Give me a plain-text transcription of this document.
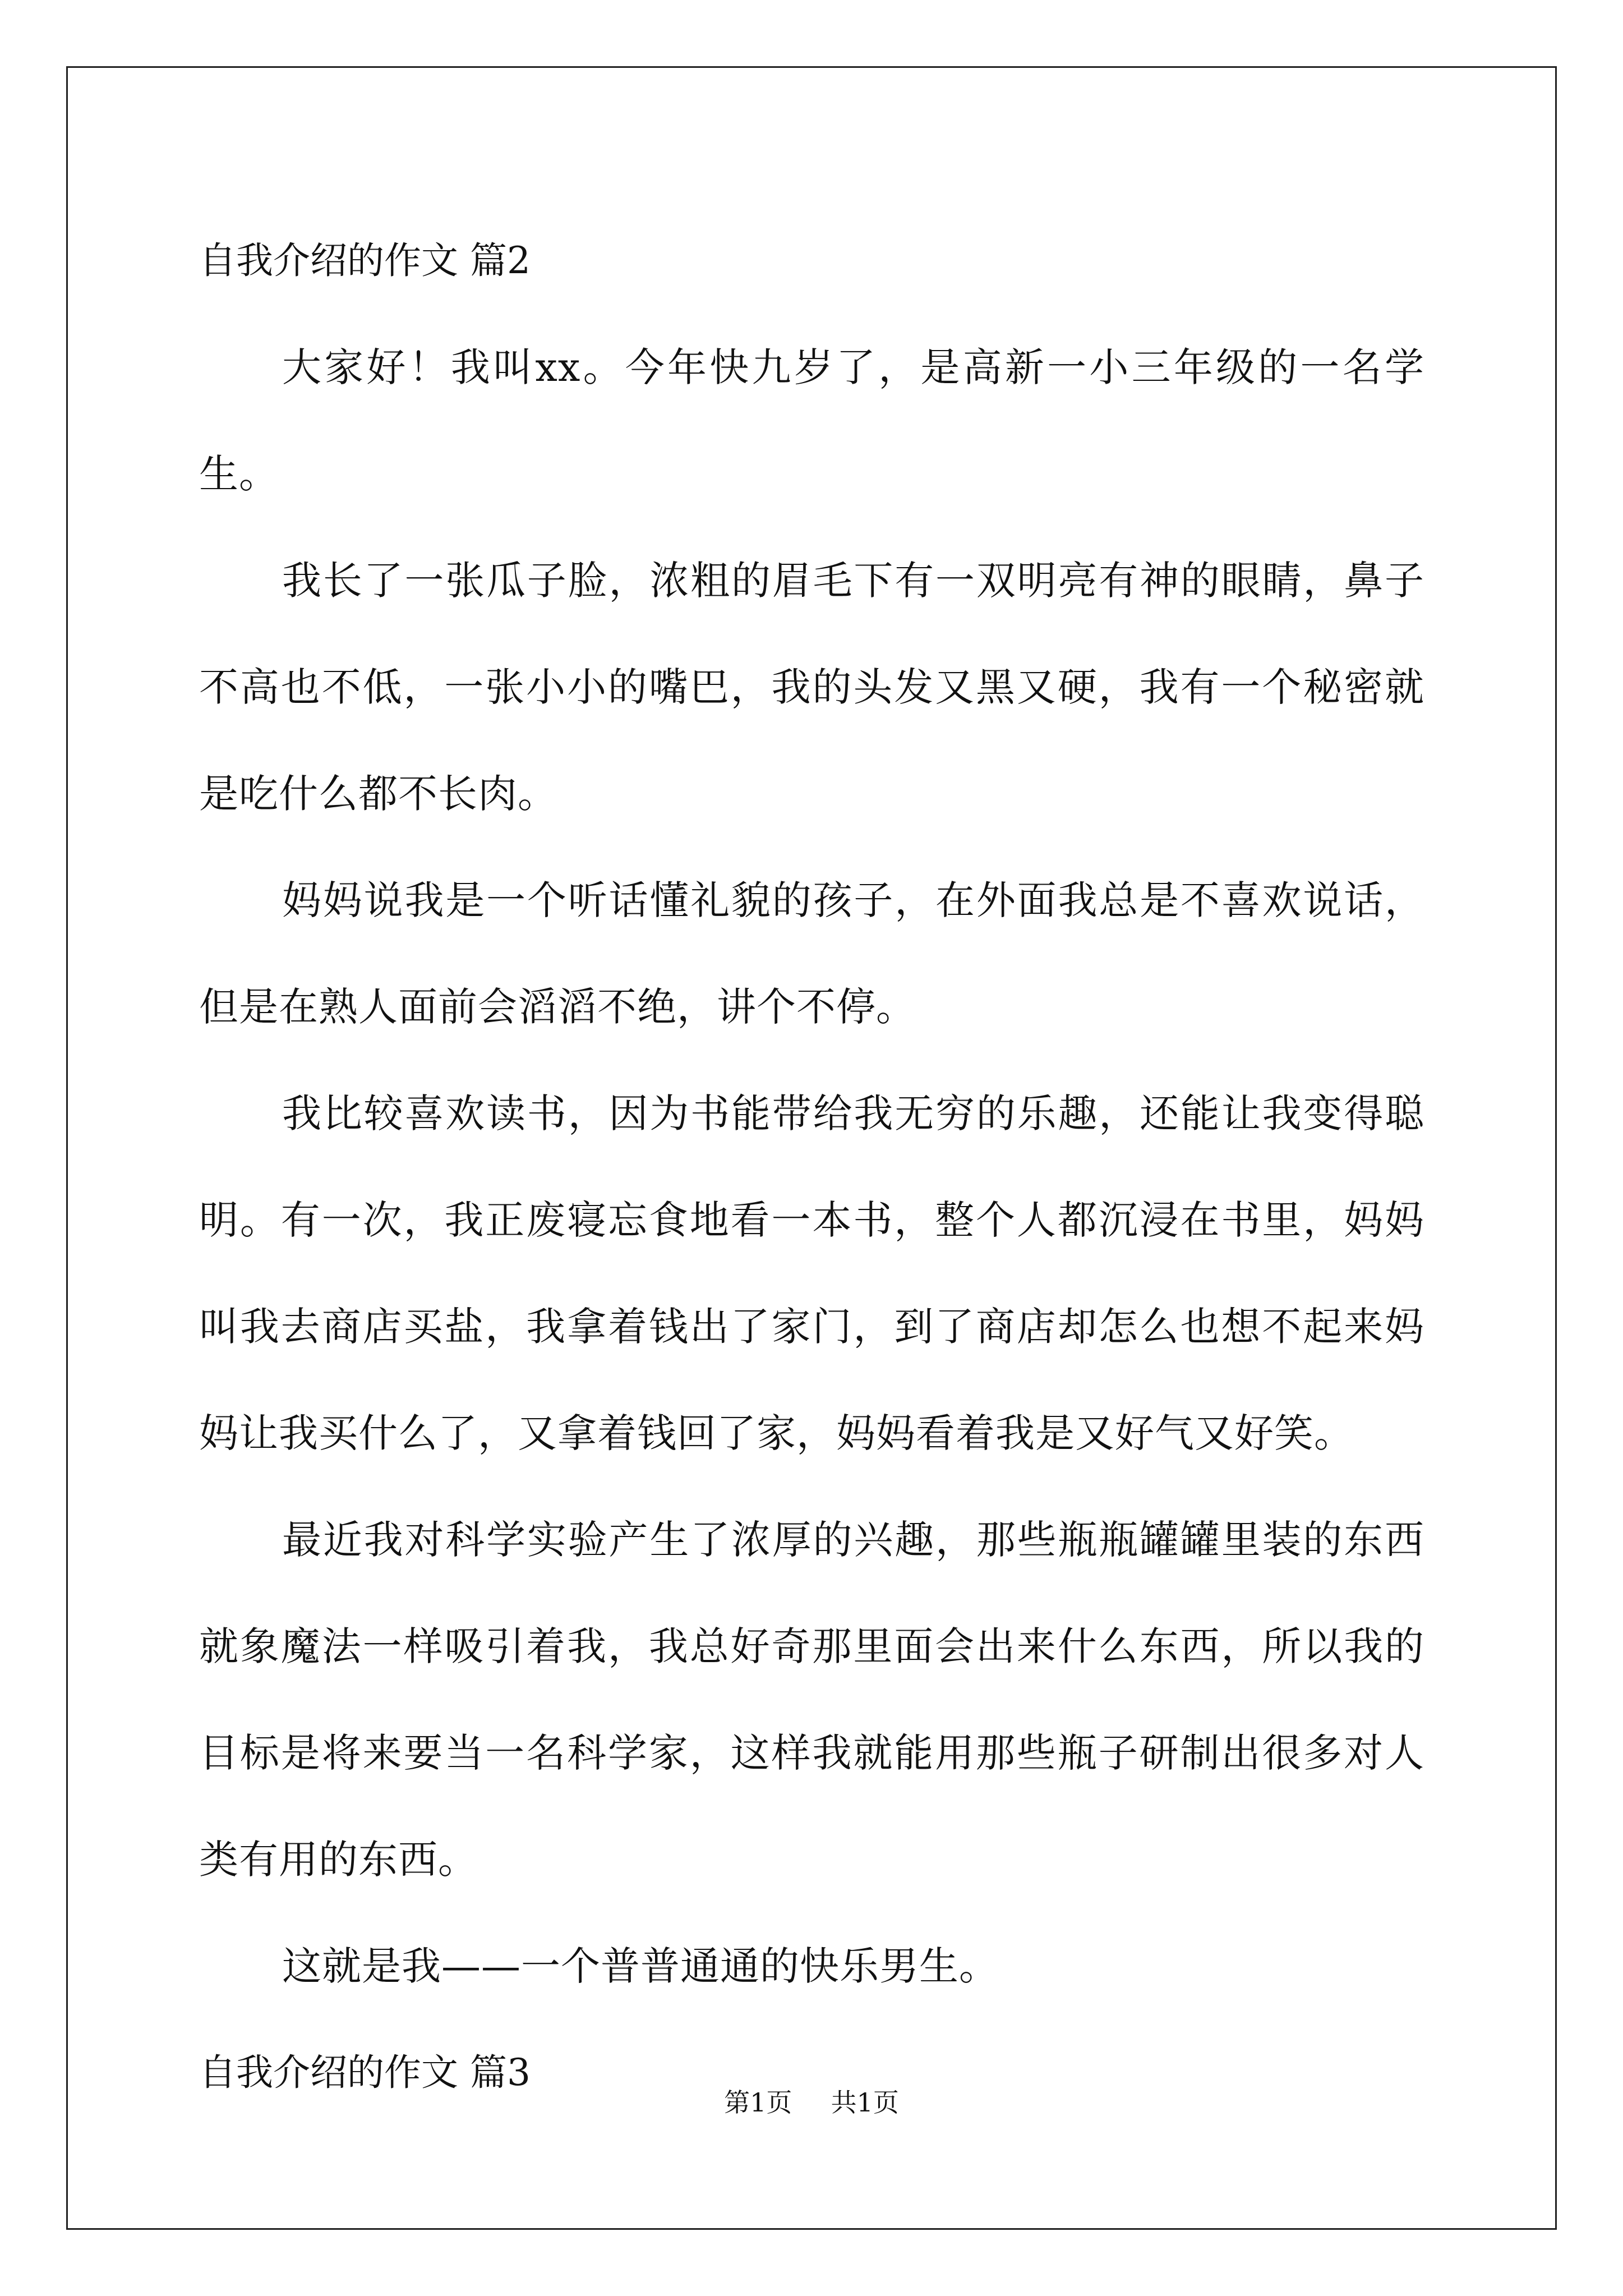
自我介绍的作文 篇2

大家好！我叫xx。今年快九岁了，是高新一小三年级的一名学生。

我长了一张瓜子脸，浓粗的眉毛下有一双明亮有神的眼睛，鼻子不高也不低，一张小小的嘴巴，我的头发又黑又硬，我有一个秘密就是吃什么都不长肉。

妈妈说我是一个听话懂礼貌的孩子，在外面我总是不喜欢说话，但是在熟人面前会滔滔不绝，讲个不停。

我比较喜欢读书，因为书能带给我无穷的乐趣，还能让我变得聪明。有一次，我正废寝忘食地看一本书，整个人都沉浸在书里，妈妈叫我去商店买盐，我拿着钱出了家门，到了商店却怎么也想不起来妈妈让我买什么了，又拿着钱回了家，妈妈看着我是又好气又好笑。

最近我对科学实验产生了浓厚的兴趣，那些瓶瓶罐罐里装的东西就象魔法一样吸引着我，我总好奇那里面会出来什么东西，所以我的目标是将来要当一名科学家，这样我就能用那些瓶子研制出很多对人类有用的东西。

这就是我——一个普普通通的快乐男生。

自我介绍的作文 篇3
第1页 共1页
